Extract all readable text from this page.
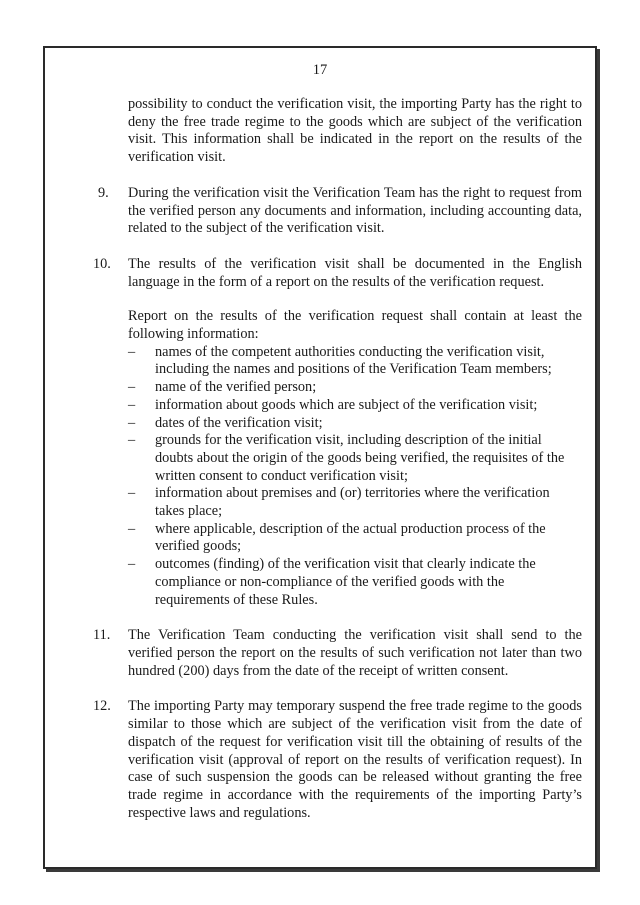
17

possibility to conduct the verification visit, the importing Party has the right to deny the free trade regime to the goods which are subject of the verification visit. This information shall be indicated in the report on the results of the verification visit.

9. During the verification visit the Verification Team has the right to request from the verified person any documents and information, including accounting data, related to the subject of the verification visit.

10. The results of the verification visit shall be documented in the English language in the form of a report on the results of the verification request.

Report on the results of the verification request shall contain at least the following information:

– names of the competent authorities conducting the verification visit, including the names and positions of the Verification Team members;
– name of the verified person;
– information about goods which are subject of the verification visit;
– dates of the verification visit;
– grounds for the verification visit, including description of the initial doubts about the origin of the goods being verified, the requisites of the written consent to conduct verification visit;
– information about premises and (or) territories where the verification takes place;
– where applicable, description of the actual production process of the verified goods;
– outcomes (finding) of the verification visit that clearly indicate the compliance or non-compliance of the verified goods with the requirements of these Rules.
11. The Verification Team conducting the verification visit shall send to the verified person the report on the results of such verification not later than two hundred (200) days from the date of the receipt of written consent.

12. The importing Party may temporary suspend the free trade regime to the goods similar to those which are subject of the verification visit from the date of dispatch of the request for verification visit till the obtaining of results of the verification visit (approval of report on the results of verification request). In case of such suspension the goods can be released without granting the free trade regime in accordance with the requirements of the importing Party’s respective laws and regulations.
